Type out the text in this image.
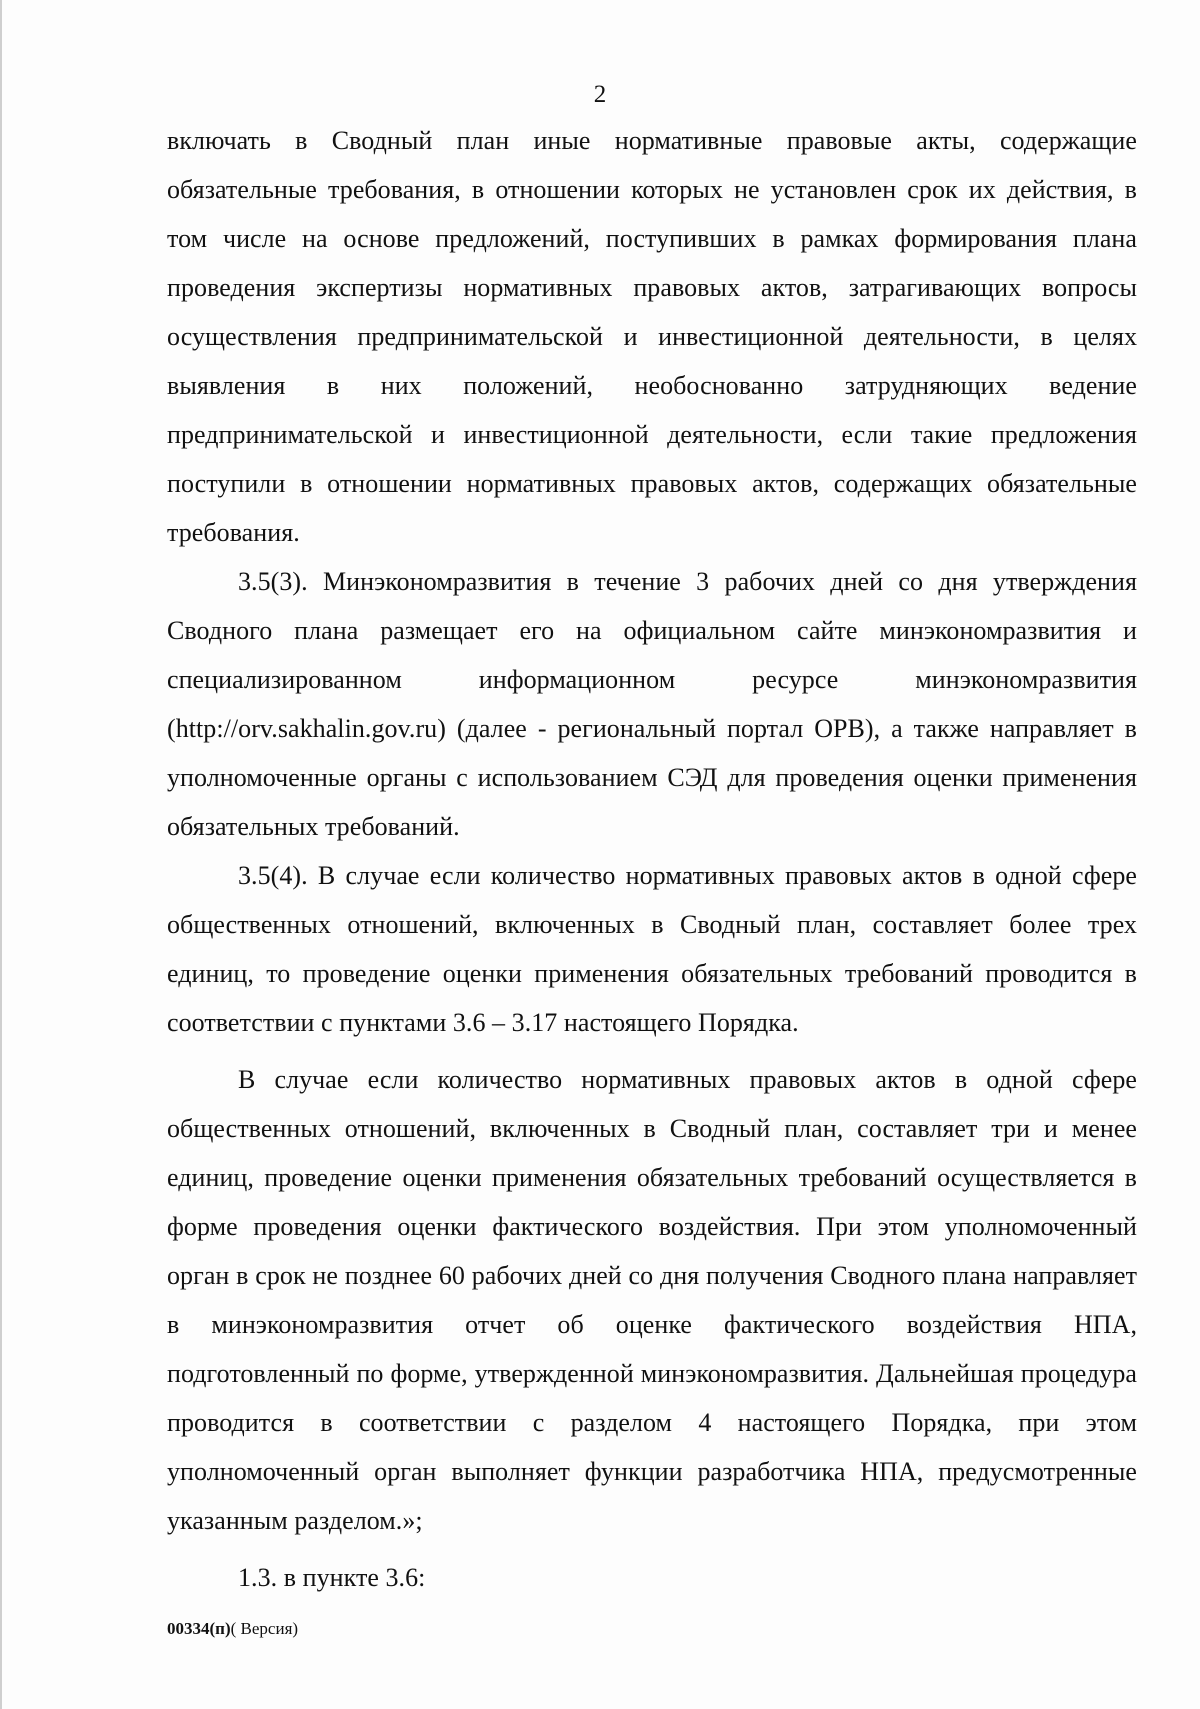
2

включать в Сводный план иные нормативные правовые акты, содержащие обязательные требования, в отношении которых не установлен срок их действия, в том числе на основе предложений, поступивших в рамках формирования плана проведения экспертизы нормативных правовых актов, затрагивающих вопросы осуществления предпринимательской и инвестиционной деятельности, в целях выявления в них положений, необоснованно затрудняющих ведение предпринимательской и инвестиционной деятельности, если такие предложения поступили в отношении нормативных правовых актов, содержащих обязательные требования.

3.5(3). Минэкономразвития в течение 3 рабочих дней со дня утверждения Сводного плана размещает его на официальном сайте минэкономразвития и специализированном информационном ресурсе минэкономразвития (http://orv.sakhalin.gov.ru) (далее - региональный портал ОРВ), а также направляет в уполномоченные органы с использованием СЭД для проведения оценки применения обязательных требований.

3.5(4). В случае если количество нормативных правовых актов в одной сфере общественных отношений, включенных в Сводный план, составляет более трех единиц, то проведение оценки применения обязательных требований проводится в соответствии с пунктами 3.6 – 3.17 настоящего Порядка.

В случае если количество нормативных правовых актов в одной сфере общественных отношений, включенных в Сводный план, составляет три и менее единиц, проведение оценки применения обязательных требований осуществляется в форме проведения оценки фактического воздействия. При этом уполномоченный орган в срок не позднее 60 рабочих дней со дня получения Сводного плана направляет в минэкономразвития отчет об оценке фактического воздействия НПА, подготовленный по форме, утвержденной минэкономразвития. Дальнейшая процедура проводится в соответствии с разделом 4 настоящего Порядка, при этом уполномоченный орган выполняет функции разработчика НПА, предусмотренные указанным разделом.»;

1.3. в пункте 3.6:

00334(п)( Версия)
